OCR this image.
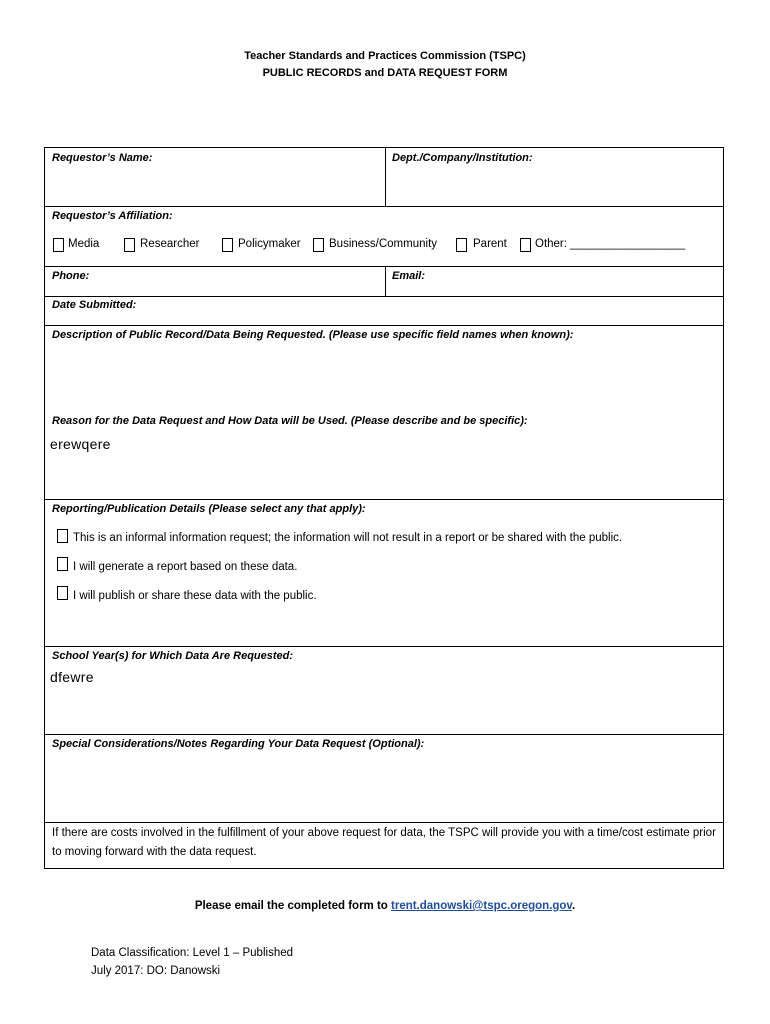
Teacher Standards and Practices Commission (TSPC)
PUBLIC RECORDS and DATA REQUEST FORM
Requestor’s Name:	Dept./Company/Institution:
Requestor’s Affiliation:
Media	Researcher	Policymaker Business/Community	Parent Other: __________________
Phone:	Email:
Date Submitted:
Description of Public Record/Data Being Requested. (Please use specific field names when known):
Reason for the Data Request and How Data will be Used. (Please describe and be specific):
erewqere
Reporting/Publication Details (Please select any that apply):
This is an informal information request; the information will not result in a report or be shared with the public.
I will generate a report based on these data.
I will publish or share these data with the public.
School Year(s) for Which Data Are Requested:
dfewre
Special Considerations/Notes Regarding Your Data Request (Optional):
If there are costs involved in the fulfillment of your above request for data, the TSPC will provide you with a time/cost estimate prior to moving forward with the data request.
Please email the completed form to trent.danowski@tspc.oregon.gov.
Data Classification: Level 1 – Published
July 2017: DO: Danowski
